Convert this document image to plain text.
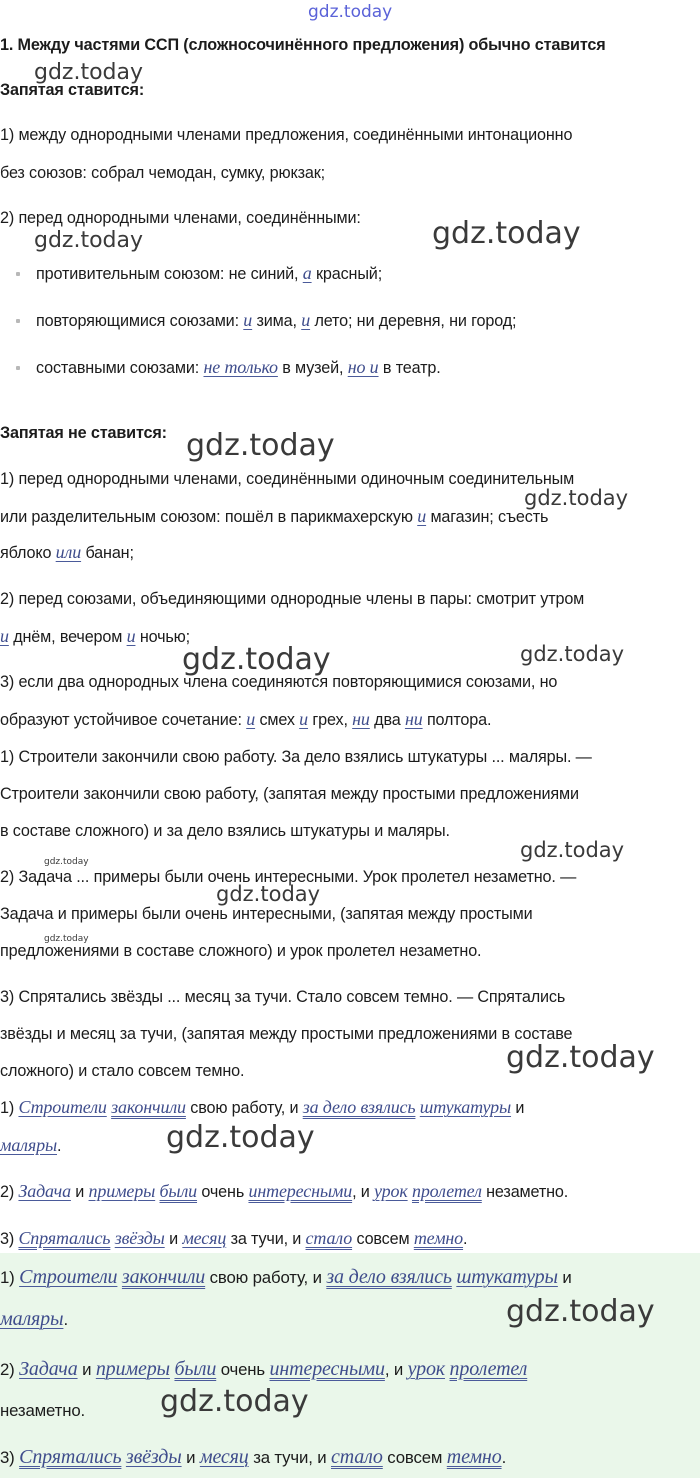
gdz.today
gdz.today
gdz.today	gdz.today
gdz.today
gdz.today
gdz.today	gdz.today
gdz.today
gdz.today
gdz.today
gdz.today
gdz.today
gdz.today
gdz.today
gdz.today
1. Между частями ССП (сложносочинённого предложения) обычно ставится
Запятая ставится:
1) между однородными членами предложения, соединёнными интонационно
без союзов: собрал чемодан, сумку, рюкзак;
2) перед однородными членами, соединёнными:
противительным союзом: не синий, а красный;
повторяющимися союзами: и зима, и лето; ни деревня, ни город;
составными союзами: не только в музей, но и в театр.
Запятая не ставится:
1) перед однородными членами, соединёнными одиночным соединительным
или разделительным союзом: пошёл в парикмахерскую и магазин; съесть
яблоко или банан;
2) перед союзами, объединяющими однородные члены в пары: смотрит утром
и днём, вечером и ночью;
3) если два однородных члена соединяются повторяющимися союзами, но
образуют устойчивое сочетание: и смех и грех, ни два ни полтора.
1) Строители закончили свою работу. За дело взялись штукатуры ... маляры. —
Строители закончили свою работу, (запятая между простыми предложениями
в составе сложного) и за дело взялись штукатуры и маляры.
2) Задача ... примеры были очень интересными. Урок пролетел незаметно. —
Задача и примеры были очень интересными, (запятая между простыми
предложениями в составе сложного) и урок пролетел незаметно.
3) Спрятались звёзды ... месяц за тучи. Стало совсем темно. — Спрятались
звёзды и месяц за тучи, (запятая между простыми предложениями в составе
сложного) и стало совсем темно.
1) Строители закончили свою работу, и за дело взялись штукатуры и
маляры.
2) Задача и примеры были очень интересными, и урок пролетел незаметно.
3) Спрятались звёзды и месяц за тучи, и стало совсем темно.
1) Строители закончили свою работу, и за дело взялись штукатуры и
маляры.
2) Задача и примеры были очень интересными, и урок пролетел
незаметно.
3) Спрятались звёзды и месяц за тучи, и стало совсем темно.
